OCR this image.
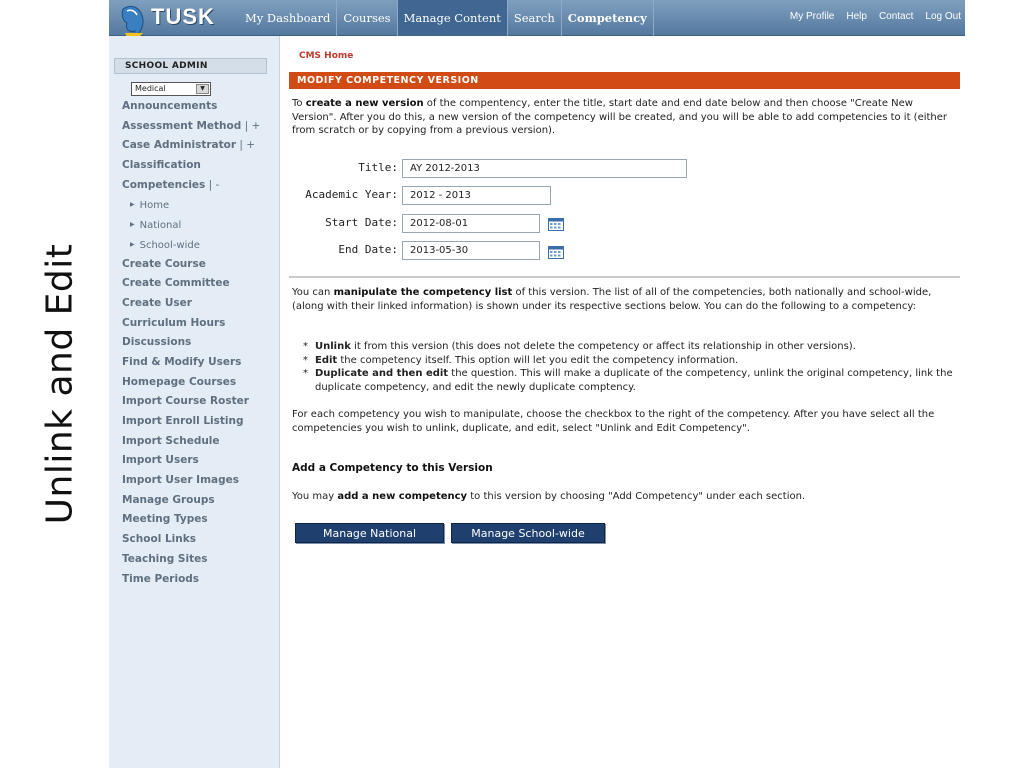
Unlink and Edit
TUSK	My Dashboard	Courses	Manage Content	Search	Competency	My Profile Help Contact Log Out
SCHOOL ADMIN
Medical	▼
Announcements
Assessment Method | +
Case Administrator | +
Classification
Competencies | -
▶ Home
▶ National
▶ School-wide
Create Course
Create Committee
Create User
Curriculum Hours
Discussions
Find & Modify Users
Homepage Courses
Import Course Roster
Import Enroll Listing
Import Schedule
Import Users
Import User Images
Manage Groups
Meeting Types
School Links
Teaching Sites
Time Periods
CMS Home
MODIFY COMPETENCY VERSION
To create a new version of the compentency, enter the title, start date and end date below and then choose "Create New Version". After you do this, a new version of the competency will be created, and you will be able to add competencies to it (either from scratch or by copying from a previous version).
Title:	AY 2012-2013
Academic Year:	2012 - 2013
Start Date:	2012-08-01
End Date:	2013-05-30
You can manipulate the competency list of this version. The list of all of the competencies, both nationally and school-wide, (along with their linked information) is shown under its respective sections below. You can do the following to a competency:
* Unlink it from this version (this does not delete the competency or affect its relationship in other versions).
* Edit the competency itself. This option will let you edit the competency information.
* Duplicate and then edit the question. This will make a duplicate of the competency, unlink the original competency, link the duplicate competency, and edit the newly duplicate comptency.
For each competency you wish to manipulate, choose the checkbox to the right of the competency. After you have select all the competencies you wish to unlink, duplicate, and edit, select "Unlink and Edit Competency".
Add a Competency to this Version
You may add a new competency to this version by choosing "Add Competency" under each section.
Manage National	Manage School-wide
